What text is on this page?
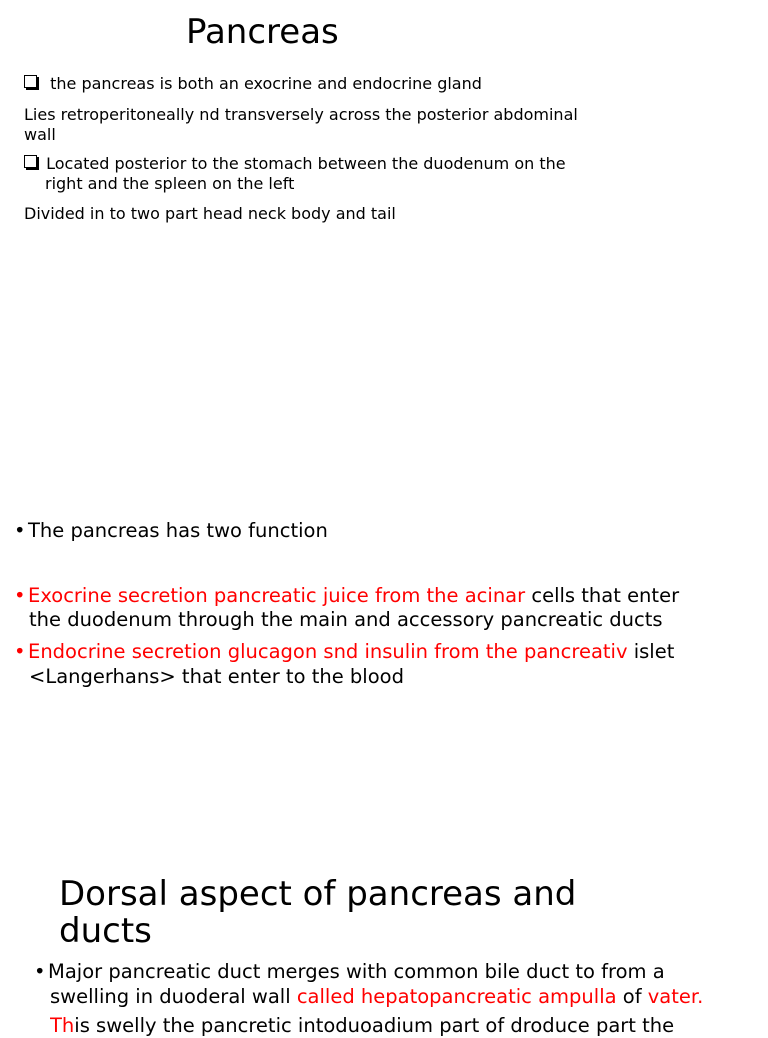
Pancreas
the pancreas is both an exocrine and endocrine gland
Lies retroperitoneally nd transversely across the posterior abdominal
wall
Located posterior to the stomach between the duodenum on the
right and the spleen on the left
Divided in to two part head neck body and tail
• The pancreas has two function
• Exocrine secretion pancreatic juice from the acinar cells that enter
the duodenum through the main and accessory pancreatic ducts
• Endocrine secretion glucagon snd insulin from the pancreativ islet
<Langerhans> that enter to the blood
Dorsal aspect of pancreas and
ducts
• Major pancreatic duct merges with common bile duct to from a
swelling in duoderal wall called hepatopancreatic ampulla of vater.
This swelly the pancretic intoduoadium part of droduce part the
